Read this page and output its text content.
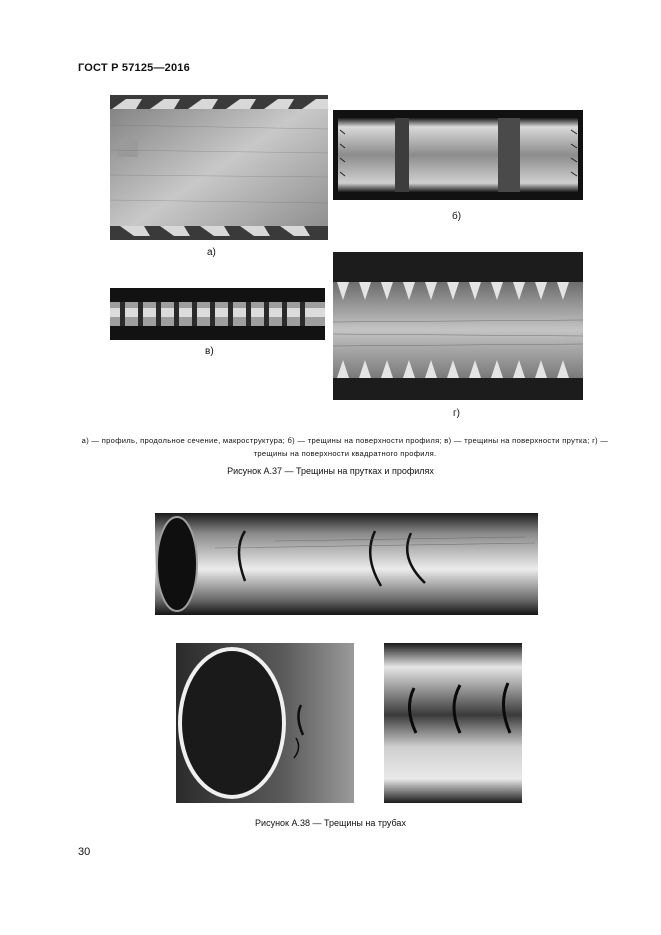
ГОСТ Р 57125—2016
а)
б)
в)
г)
а) — профиль, продольное сечение, макроструктура; б) — трещины на поверхности профиля; в) — трещины на поверхности прутка; г) — трещины на поверхности квадратного профиля.
Рисунок А.37 — Трещины на прутках и профилях
Рисунок А.38 — Трещины на трубах
30
